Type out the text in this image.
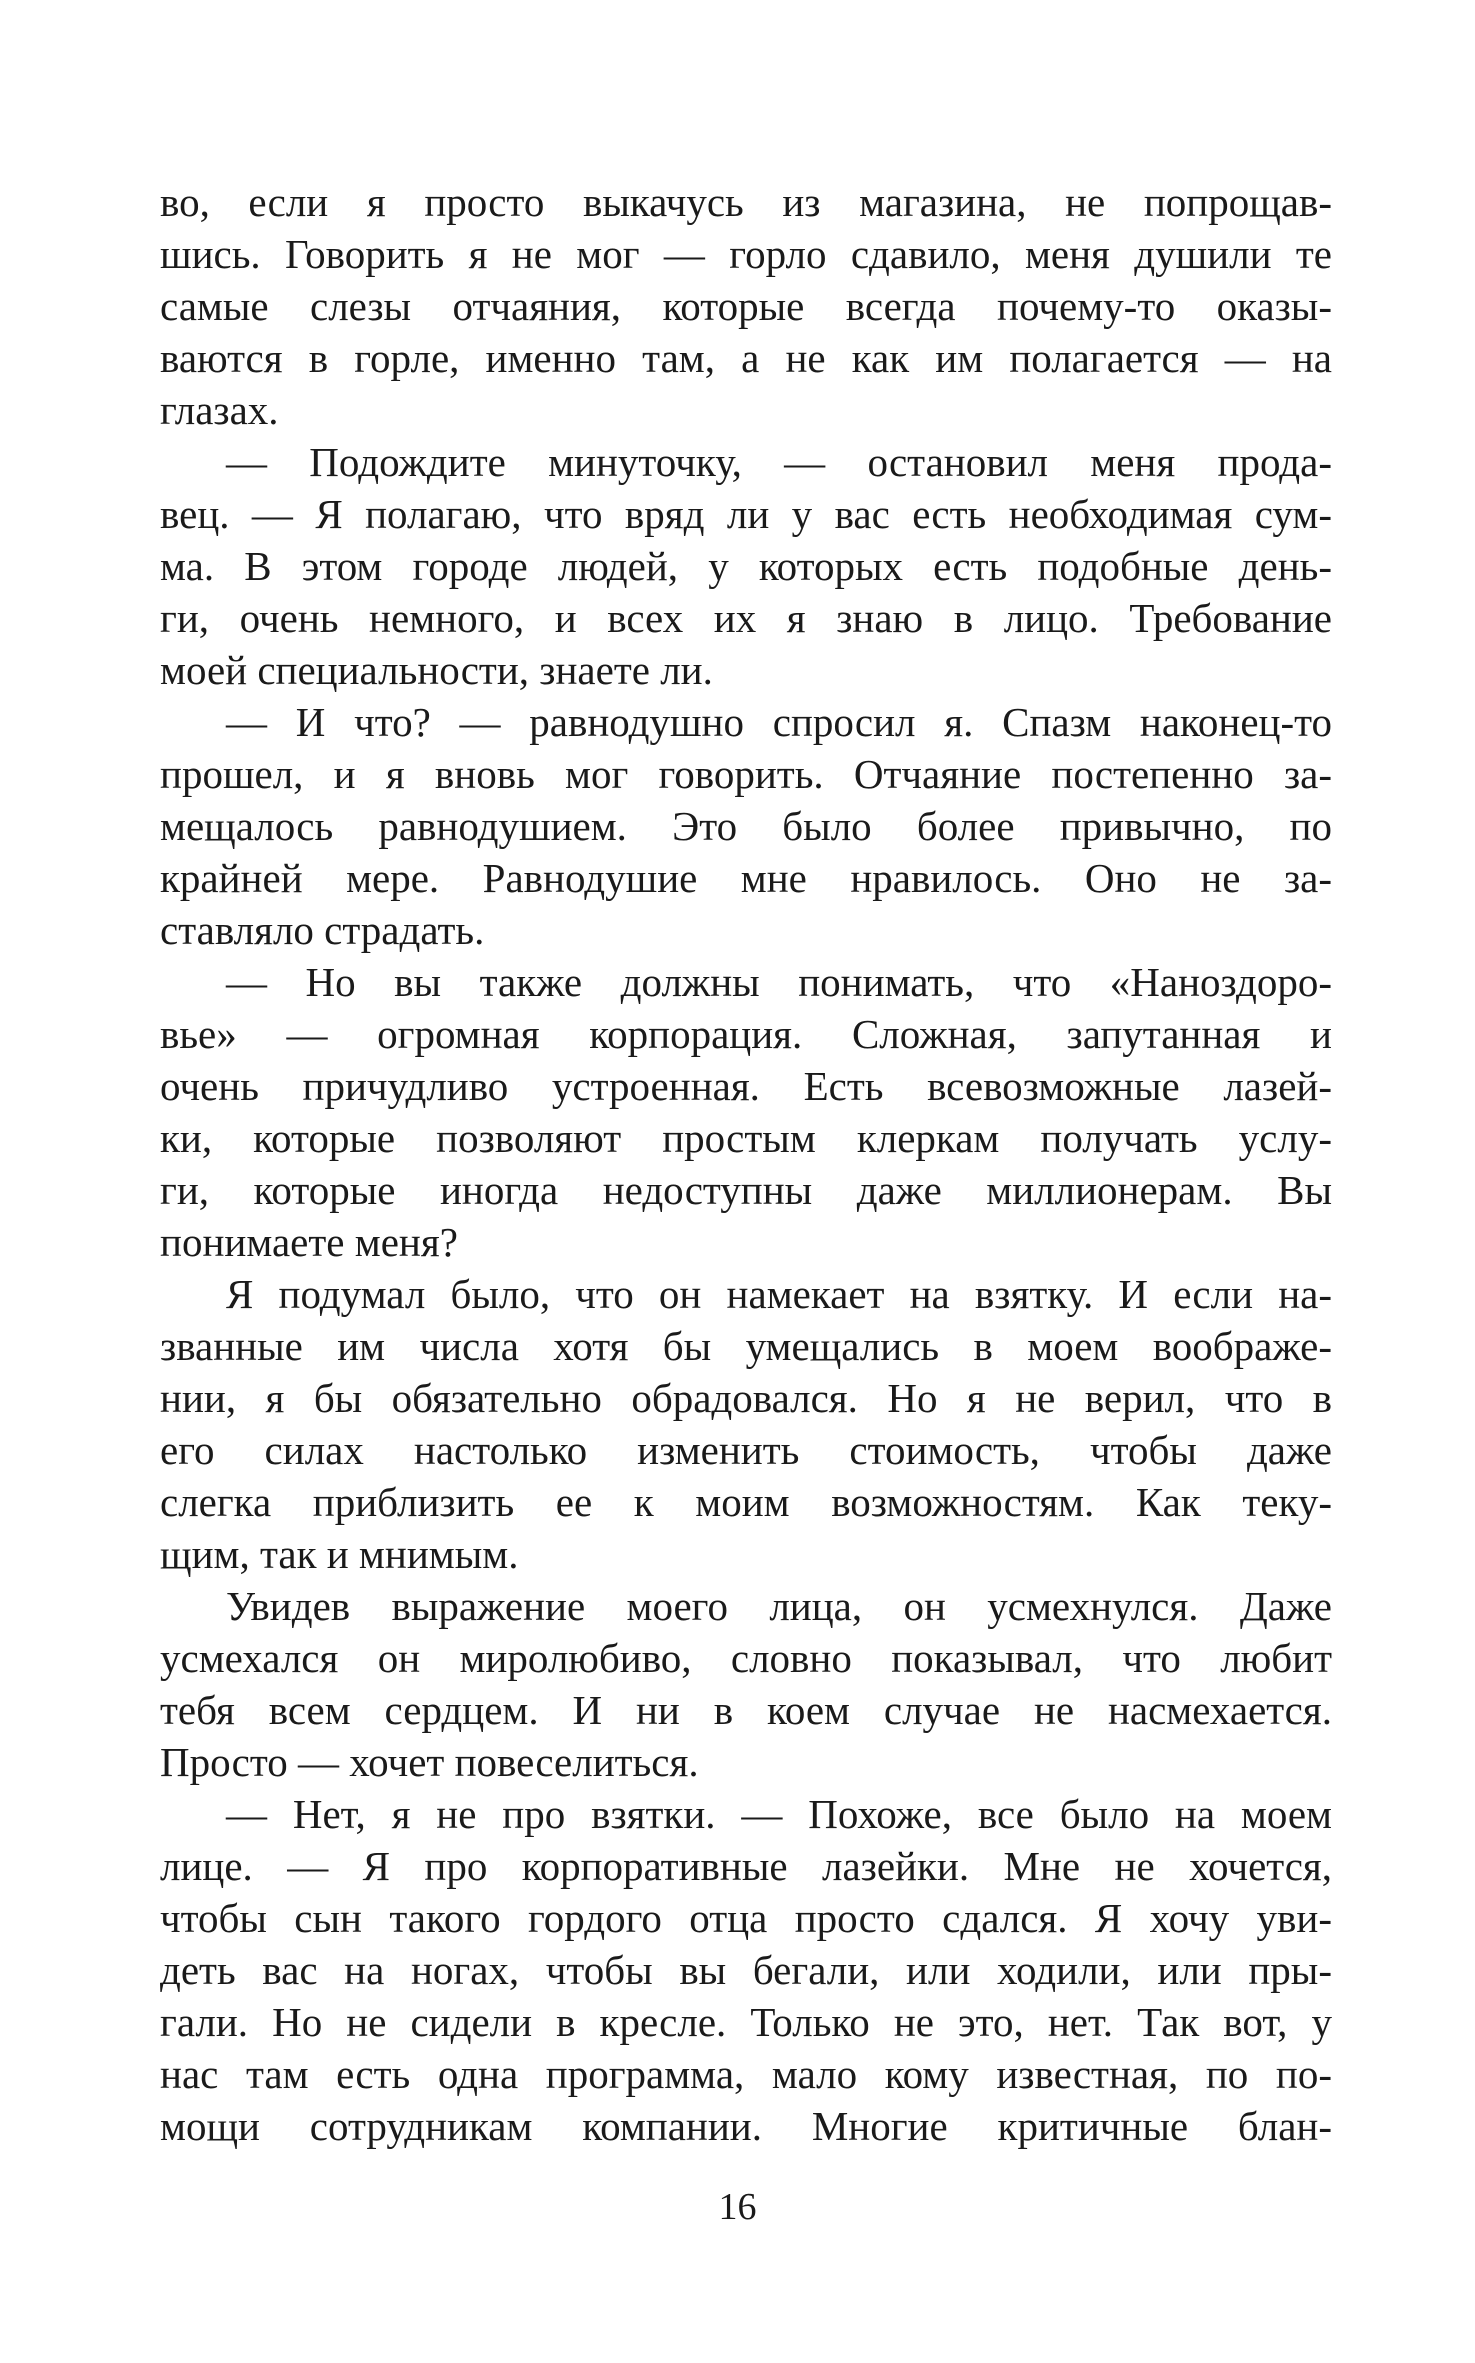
во, если я просто выкачусь из магазина, не попрощав-
шись. Говорить я не мог — горло сдавило, меня душили те
самые слезы отчаяния, которые всегда почему-то оказы-
ваются в горле, именно там, а не как им полагается — на
глазах.
— Подождите минуточку, — остановил меня прода-
вец. — Я полагаю, что вряд ли у вас есть необходимая сум-
ма. В этом городе людей, у которых есть подобные день-
ги, очень немного, и всех их я знаю в лицо. Требование
моей специальности, знаете ли.
— И что? — равнодушно спросил я. Спазм наконец-то
прошел, и я вновь мог говорить. Отчаяние постепенно за-
мещалось равнодушием. Это было более привычно, по
крайней мере. Равнодушие мне нравилось. Оно не за-
ставляло страдать.
— Но вы также должны понимать, что «Наноздоро-
вье» — огромная корпорация. Сложная, запутанная и
очень причудливо устроенная. Есть всевозможные лазей-
ки, которые позволяют простым клеркам получать услу-
ги, которые иногда недоступны даже миллионерам. Вы
понимаете меня?
Я подумал было, что он намекает на взятку. И если на-
званные им числа хотя бы умещались в моем воображе-
нии, я бы обязательно обрадовался. Но я не верил, что в
его силах настолько изменить стоимость, чтобы даже
слегка приблизить ее к моим возможностям. Как теку-
щим, так и мнимым.
Увидев выражение моего лица, он усмехнулся. Даже
усмехался он миролюбиво, словно показывал, что любит
тебя всем сердцем. И ни в коем случае не насмехается.
Просто — хочет повеселиться.
— Нет, я не про взятки. — Похоже, все было на моем
лице. — Я про корпоративные лазейки. Мне не хочется,
чтобы сын такого гордого отца просто сдался. Я хочу уви-
деть вас на ногах, чтобы вы бегали, или ходили, или пры-
гали. Но не сидели в кресле. Только не это, нет. Так вот, у
нас там есть одна программа, мало кому известная, по по-
мощи сотрудникам компании. Многие критичные блан-
16
